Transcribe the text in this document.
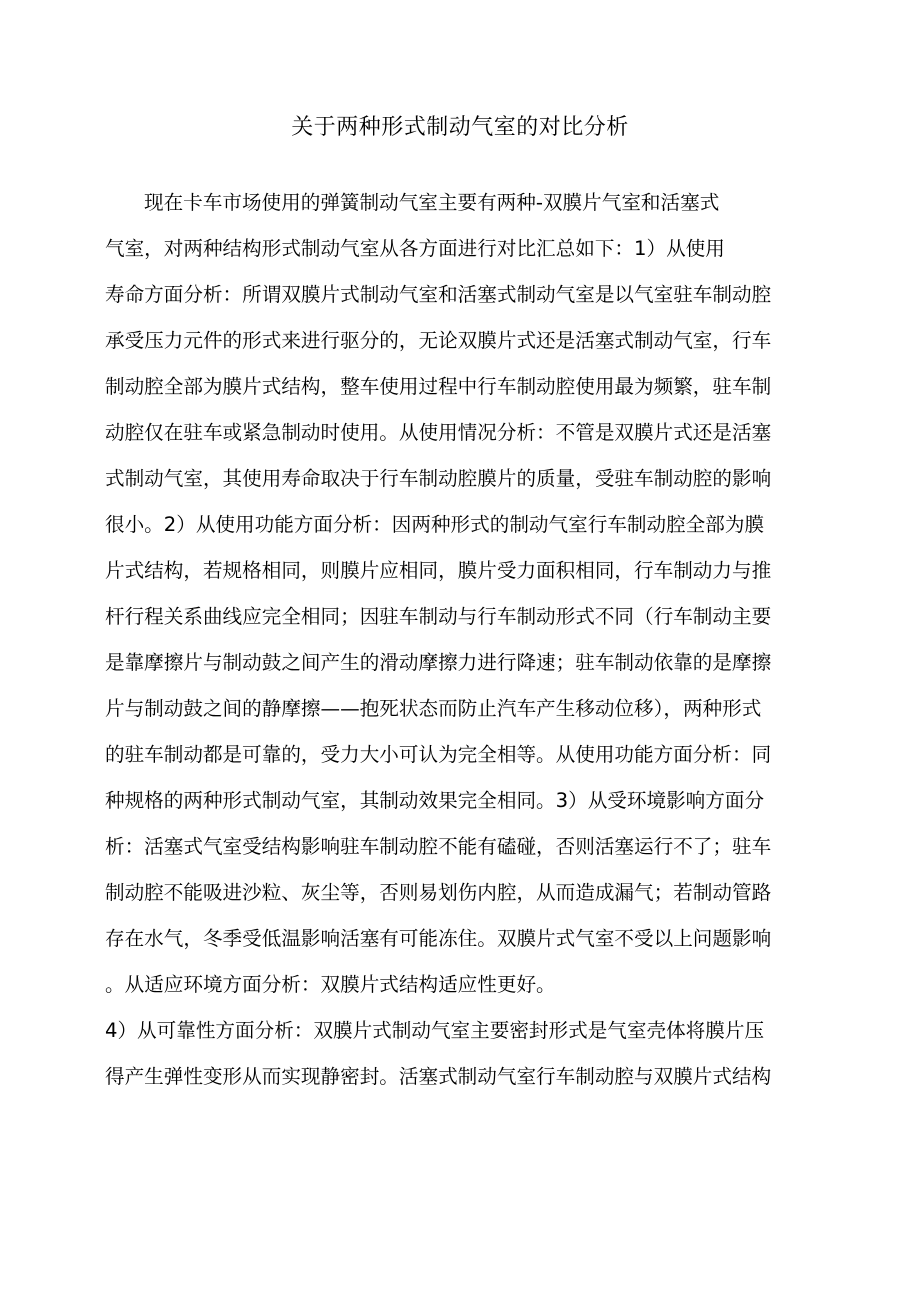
关于两种形式制动气室的对比分析
现在卡车市场使用的弹簧制动气室主要有两种-双膜片气室和活塞式
气室，对两种结构形式制动气室从各方面进行对比汇总如下：1）从使用
寿命方面分析：所谓双膜片式制动气室和活塞式制动气室是以气室驻车制动腔
承受压力元件的形式来进行驱分的，无论双膜片式还是活塞式制动气室，行车
制动腔全部为膜片式结构，整车使用过程中行车制动腔使用最为频繁，驻车制
动腔仅在驻车或紧急制动时使用。从使用情况分析：不管是双膜片式还是活塞
式制动气室，其使用寿命取决于行车制动腔膜片的质量，受驻车制动腔的影响
很小。2）从使用功能方面分析：因两种形式的制动气室行车制动腔全部为膜
片式结构，若规格相同，则膜片应相同，膜片受力面积相同，行车制动力与推
杆行程关系曲线应完全相同；因驻车制动与行车制动形式不同（行车制动主要
是靠摩擦片与制动鼓之间产生的滑动摩擦力进行降速；驻车制动依靠的是摩擦
片与制动鼓之间的静摩擦——抱死状态而防止汽车产生移动位移），两种形式
的驻车制动都是可靠的，受力大小可认为完全相等。从使用功能方面分析：同
种规格的两种形式制动气室，其制动效果完全相同。3）从受环境影响方面分
析：活塞式气室受结构影响驻车制动腔不能有磕碰，否则活塞运行不了；驻车
制动腔不能吸进沙粒、灰尘等，否则易划伤内腔，从而造成漏气；若制动管路
存在水气，冬季受低温影响活塞有可能冻住。双膜片式气室不受以上问题影响
。从适应环境方面分析：双膜片式结构适应性更好。
4）从可靠性方面分析：双膜片式制动气室主要密封形式是气室壳体将膜片压
得产生弹性变形从而实现静密封。活塞式制动气室行车制动腔与双膜片式结构
